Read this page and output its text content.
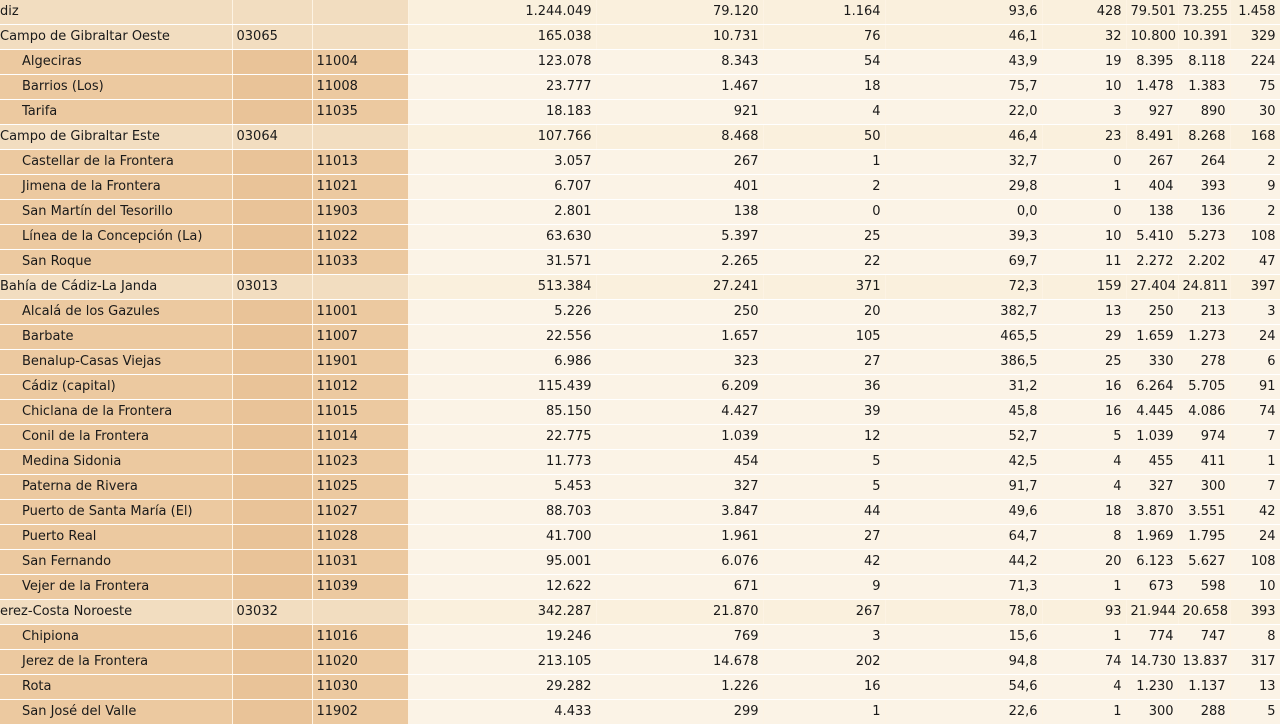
diz			1.244.049	79.120	1.164	93,6	428	79.501	73.255	1.458
Campo de Gibraltar Oeste	03065		165.038	10.731	76	46,1	32	10.800	10.391	329
Algeciras		11004	123.078	8.343	54	43,9	19	8.395	8.118	224
Barrios (Los)		11008	23.777	1.467	18	75,7	10	1.478	1.383	75
Tarifa		11035	18.183	921	4	22,0	3	927	890	30
Campo de Gibraltar Este	03064		107.766	8.468	50	46,4	23	8.491	8.268	168
Castellar de la Frontera		11013	3.057	267	1	32,7	0	267	264	2
Jimena de la Frontera		11021	6.707	401	2	29,8	1	404	393	9
San Martín del Tesorillo		11903	2.801	138	0	0,0	0	138	136	2
Línea de la Concepción (La)		11022	63.630	5.397	25	39,3	10	5.410	5.273	108
San Roque		11033	31.571	2.265	22	69,7	11	2.272	2.202	47
Bahía de Cádiz-La Janda	03013		513.384	27.241	371	72,3	159	27.404	24.811	397
Alcalá de los Gazules		11001	5.226	250	20	382,7	13	250	213	3
Barbate		11007	22.556	1.657	105	465,5	29	1.659	1.273	24
Benalup-Casas Viejas		11901	6.986	323	27	386,5	25	330	278	6
Cádiz (capital)		11012	115.439	6.209	36	31,2	16	6.264	5.705	91
Chiclana de la Frontera		11015	85.150	4.427	39	45,8	16	4.445	4.086	74
Conil de la Frontera		11014	22.775	1.039	12	52,7	5	1.039	974	7
Medina Sidonia		11023	11.773	454	5	42,5	4	455	411	1
Paterna de Rivera		11025	5.453	327	5	91,7	4	327	300	7
Puerto de Santa María (El)		11027	88.703	3.847	44	49,6	18	3.870	3.551	42
Puerto Real		11028	41.700	1.961	27	64,7	8	1.969	1.795	24
San Fernando		11031	95.001	6.076	42	44,2	20	6.123	5.627	108
Vejer de la Frontera		11039	12.622	671	9	71,3	1	673	598	10
erez-Costa Noroeste	03032		342.287	21.870	267	78,0	93	21.944	20.658	393
Chipiona		11016	19.246	769	3	15,6	1	774	747	8
Jerez de la Frontera		11020	213.105	14.678	202	94,8	74	14.730	13.837	317
Rota		11030	29.282	1.226	16	54,6	4	1.230	1.137	13
San José del Valle		11902	4.433	299	1	22,6	1	300	288	5
